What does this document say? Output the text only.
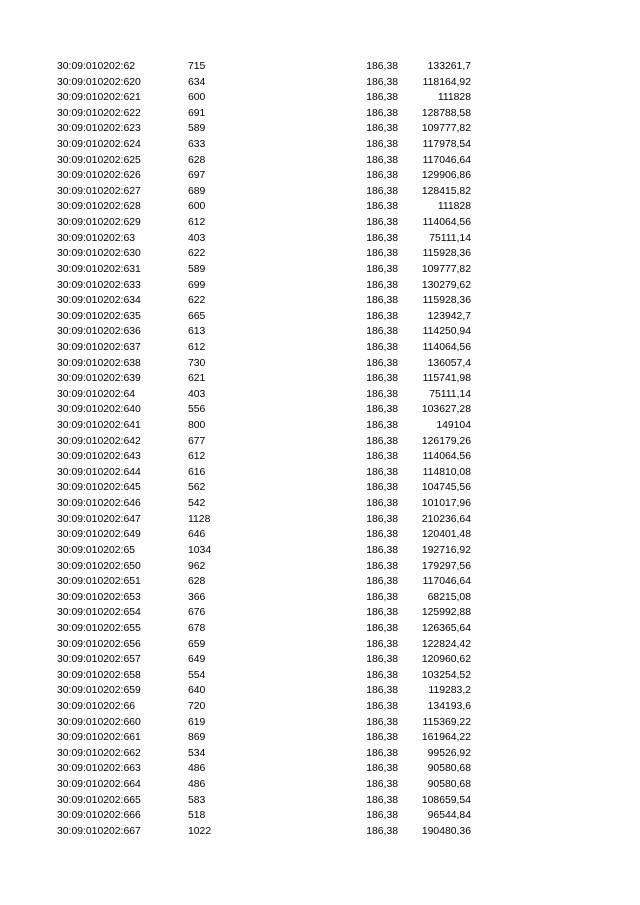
30:09:010202:62	715	186,38	133261,7
30:09:010202:620	634	186,38	118164,92
30:09:010202:621	600	186,38	111828
30:09:010202:622	691	186,38	128788,58
30:09:010202:623	589	186,38	109777,82
30:09:010202:624	633	186,38	117978,54
30:09:010202:625	628	186,38	117046,64
30:09:010202:626	697	186,38	129906,86
30:09:010202:627	689	186,38	128415,82
30:09:010202:628	600	186,38	111828
30:09:010202:629	612	186,38	114064,56
30:09:010202:63	403	186,38	75111,14
30:09:010202:630	622	186,38	115928,36
30:09:010202:631	589	186,38	109777,82
30:09:010202:633	699	186,38	130279,62
30:09:010202:634	622	186,38	115928,36
30:09:010202:635	665	186,38	123942,7
30:09:010202:636	613	186,38	114250,94
30:09:010202:637	612	186,38	114064,56
30:09:010202:638	730	186,38	136057,4
30:09:010202:639	621	186,38	115741,98
30:09:010202:64	403	186,38	75111,14
30:09:010202:640	556	186,38	103627,28
30:09:010202:641	800	186,38	149104
30:09:010202:642	677	186,38	126179,26
30:09:010202:643	612	186,38	114064,56
30:09:010202:644	616	186,38	114810,08
30:09:010202:645	562	186,38	104745,56
30:09:010202:646	542	186,38	101017,96
30:09:010202:647	1128	186,38	210236,64
30:09:010202:649	646	186,38	120401,48
30:09:010202:65	1034	186,38	192716,92
30:09:010202:650	962	186,38	179297,56
30:09:010202:651	628	186,38	117046,64
30:09:010202:653	366	186,38	68215,08
30:09:010202:654	676	186,38	125992,88
30:09:010202:655	678	186,38	126365,64
30:09:010202:656	659	186,38	122824,42
30:09:010202:657	649	186,38	120960,62
30:09:010202:658	554	186,38	103254,52
30:09:010202:659	640	186,38	119283,2
30:09:010202:66	720	186,38	134193,6
30:09:010202:660	619	186,38	115369,22
30:09:010202:661	869	186,38	161964,22
30:09:010202:662	534	186,38	99526,92
30:09:010202:663	486	186,38	90580,68
30:09:010202:664	486	186,38	90580,68
30:09:010202:665	583	186,38	108659,54
30:09:010202:666	518	186,38	96544,84
30:09:010202:667	1022	186,38	190480,36
